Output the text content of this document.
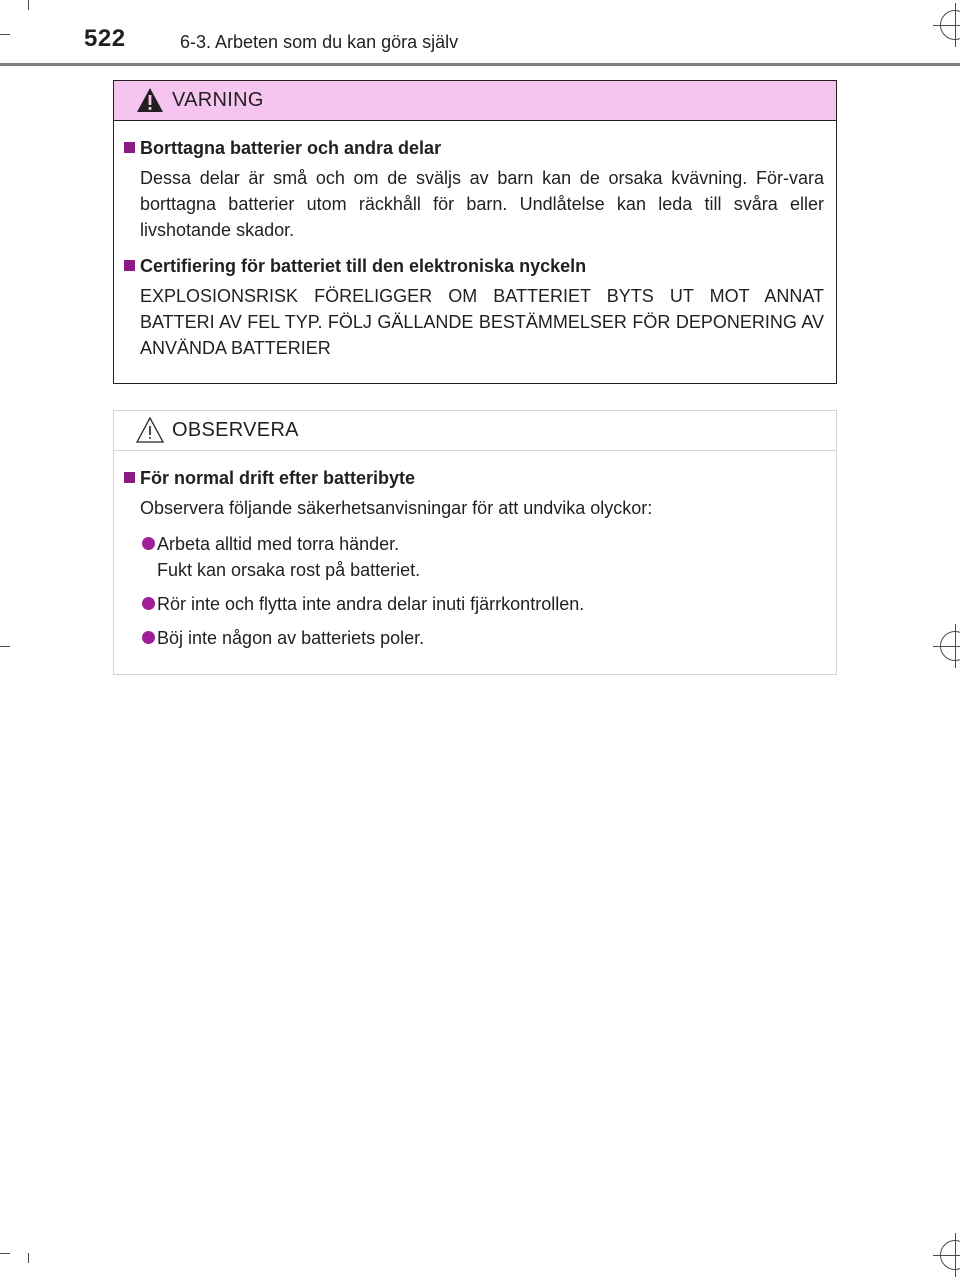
522	6-3. Arbeten som du kan göra själv
VARNING
Borttagna batterier och andra delar
Dessa delar är små och om de sväljs av barn kan de orsaka kvävning. För-vara borttagna batterier utom räckhåll för barn. Undlåtelse kan leda till svåra eller livshotande skador.
Certifiering för batteriet till den elektroniska nyckeln
EXPLOSIONSRISK FÖRELIGGER OM BATTERIET BYTS UT MOT ANNAT BATTERI AV FEL TYP. FÖLJ GÄLLANDE BESTÄMMELSER FÖR DEPONERING AV ANVÄNDA BATTERIER
OBSERVERA
För normal drift efter batteribyte
Observera följande säkerhetsanvisningar för att undvika olyckor:
Arbeta alltid med torra händer.
Fukt kan orsaka rost på batteriet.
Rör inte och flytta inte andra delar inuti fjärrkontrollen.
Böj inte någon av batteriets poler.
